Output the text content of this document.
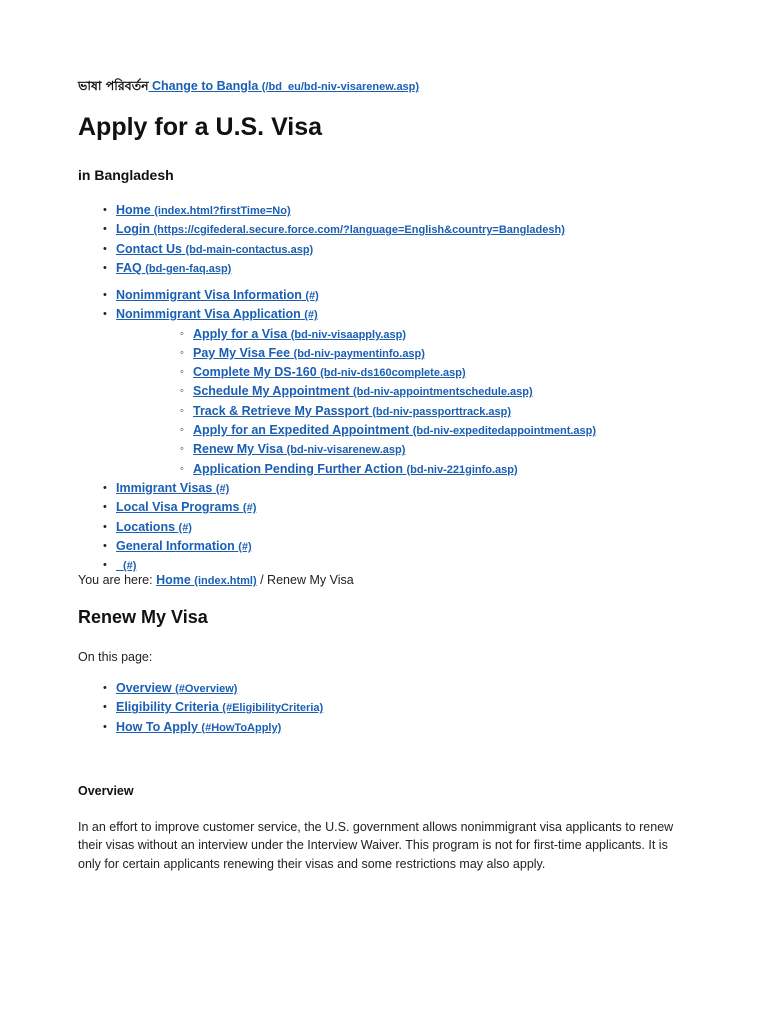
ভাষা পরিবর্তন Change to Bangla (/bd_eu/bd-niv-visarenew.asp)
Apply for a U.S. Visa

in Bangladesh

• Home (index.html?firstTime=No)
• Login (https://cgifederal.secure.force.com/?language=English&country=Bangladesh)
• Contact Us (bd-main-contactus.asp)
• FAQ (bd-gen-faq.asp)
• Nonimmigrant Visa Information (#)
• Nonimmigrant Visa Application (#)
◦ Apply for a Visa (bd-niv-visaapply.asp)
◦ Pay My Visa Fee (bd-niv-paymentinfo.asp)
◦ Complete My DS-160 (bd-niv-ds160complete.asp)
◦ Schedule My Appointment (bd-niv-appointmentschedule.asp)
◦ Track & Retrieve My Passport (bd-niv-passporttrack.asp)
◦ Apply for an Expedited Appointment (bd-niv-expeditedappointment.asp)
◦ Renew My Visa (bd-niv-visarenew.asp)
◦ Application Pending Further Action (bd-niv-221ginfo.asp)
• Immigrant Visas (#)
• Local Visa Programs (#)
• Locations (#)
• General Information (#)
•   (#)
You are here: Home (index.html) / Renew My Visa
Renew My Visa
On this page:
• Overview (#Overview)
• Eligibility Criteria (#EligibilityCriteria)
• How To Apply (#HowToApply)
Overview

In an effort to improve customer service, the U.S. government allows nonimmigrant visa applicants to renew their visas without an interview under the Interview Waiver. This program is not for first-time applicants. It is only for certain applicants renewing their visas and some restrictions may also apply.
